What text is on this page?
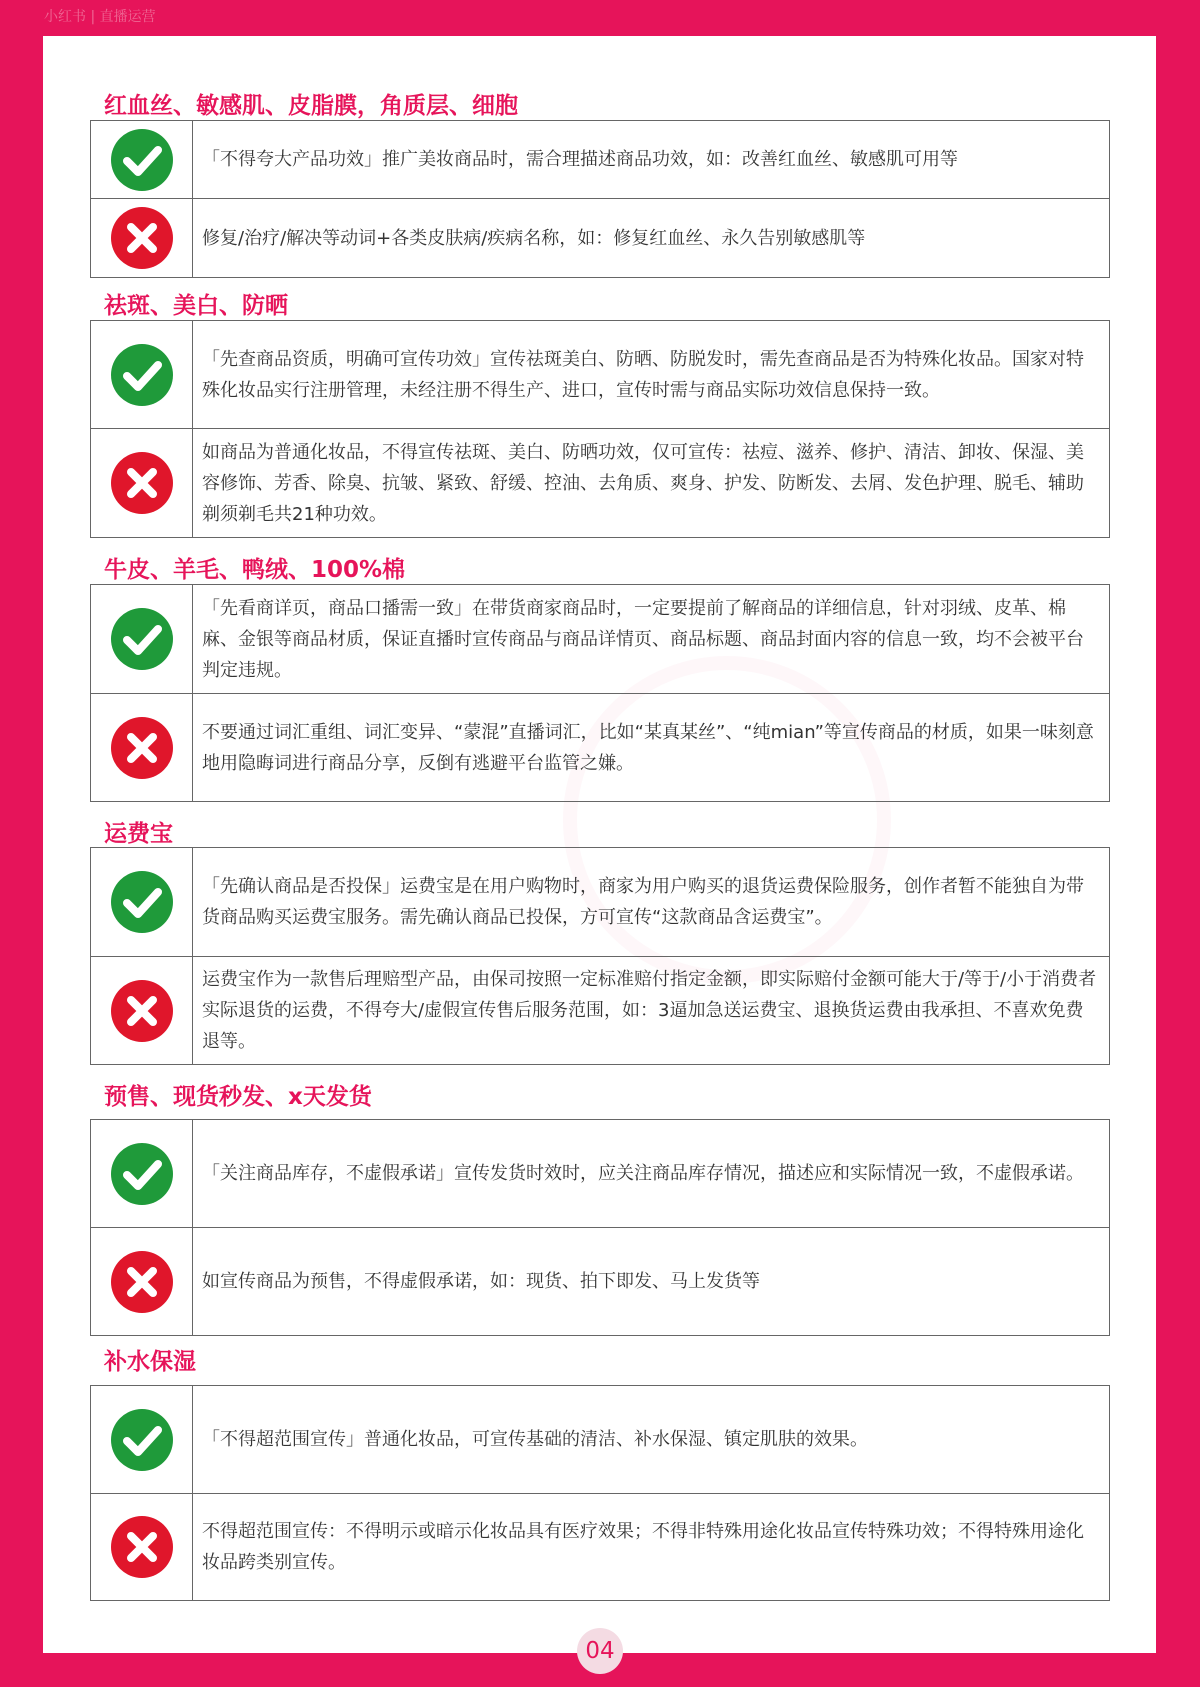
小红书 | 直播运营
红血丝、敏感肌、皮脂膜，角质层、细胞
「不得夸大产品功效」推广美妆商品时，需合理描述商品功效，如：改善红血丝、敏感肌可用等
修复/治疗/解决等动词+各类皮肤病/疾病名称，如：修复红血丝、永久告别敏感肌等
祛斑、美白、防晒
「先查商品资质，明确可宣传功效」宣传祛斑美白、防晒、防脱发时，需先查商品是否为特殊化妆品。国家对特殊化妆品实行注册管理，未经注册不得生产、进口，宣传时需与商品实际功效信息保持一致。
如商品为普通化妆品，不得宣传祛斑、美白、防晒功效，仅可宣传：祛痘、滋养、修护、清洁、卸妆、保湿、美容修饰、芳香、除臭、抗皱、紧致、舒缓、控油、去角质、爽身、护发、防断发、去屑、发色护理、脱毛、辅助剃须剃毛共21种功效。
牛皮、羊毛、鸭绒、100%棉
「先看商详页，商品口播需一致」在带货商家商品时，一定要提前了解商品的详细信息，针对羽绒、皮革、棉麻、金银等商品材质，保证直播时宣传商品与商品详情页、商品标题、商品封面内容的信息一致，均不会被平台判定违规。
不要通过词汇重组、词汇变异、“蒙混”直播词汇，比如“某真某丝”、“纯mian”等宣传商品的材质，如果一味刻意地用隐晦词进行商品分享，反倒有逃避平台监管之嫌。
运费宝
「先确认商品是否投保」运费宝是在用户购物时，商家为用户购买的退货运费保险服务，创作者暂不能独自为带货商品购买运费宝服务。需先确认商品已投保，方可宣传“这款商品含运费宝”。
运费宝作为一款售后理赔型产品，由保司按照一定标准赔付指定金额，即实际赔付金额可能大于/等于/小于消费者实际退货的运费，不得夸大/虚假宣传售后服务范围，如：3逼加急送运费宝、退换货运费由我承担、不喜欢免费退等。
预售、现货秒发、x天发货
「关注商品库存，不虚假承诺」宣传发货时效时，应关注商品库存情况，描述应和实际情况一致，不虚假承诺。
如宣传商品为预售，不得虚假承诺，如：现货、拍下即发、马上发货等
补水保湿
「不得超范围宣传」普通化妆品，可宣传基础的清洁、补水保湿、镇定肌肤的效果。
不得超范围宣传：不得明示或暗示化妆品具有医疗效果；不得非特殊用途化妆品宣传特殊功效；不得特殊用途化妆品跨类别宣传。
04
